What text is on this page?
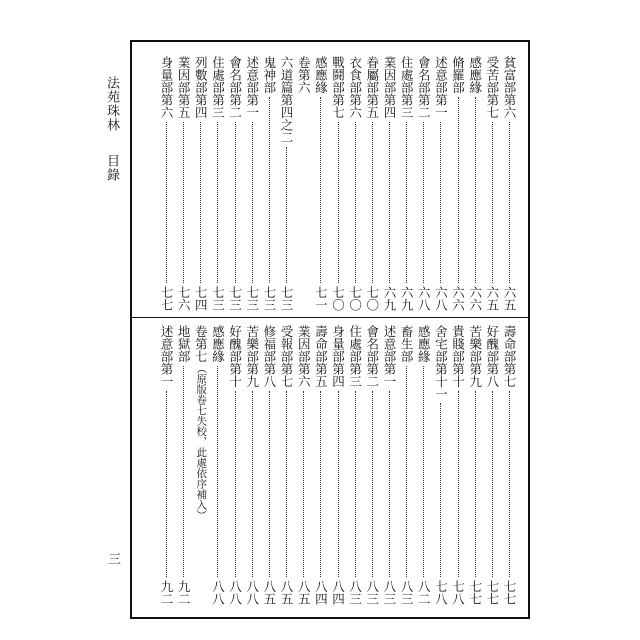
法苑珠林目錄
三
貧富部第六
六五
受苦部第七
六五
感應緣
六六
脩羅部
六六
述意部第一
六八
會名部第二
六八
住處部第三
六九
業因部第四
六九
眷屬部第五
七〇
衣食部第六
七〇
戰鬪部第七
七〇
感應緣
七一
卷第六
六道篇第四之二
七三
鬼神部
七三
述意部第一
七三
會名部第二
七三
住處部第三
七三
列數部第四
七四
業因部第五
七六
身量部第六
七七
壽命部第七
七七
好醜部第八
七七
苦樂部第九
七七
貴賤部第十
七八
舍宅部第十一
七八
感應緣
八二
畜生部
八三
述意部第一
八三
會名部第二
八三
住處部第三
八三
身量部第四
八四
壽命部第五
八四
業因部第六
八五
受報部第七
八五
修福部第八
八五
苦樂部第九
八八
好醜部第十
八八
感應緣
八八
卷第七
（原版卷七失校，此處依序補入）
地獄部
九二
述意部第一
九二
